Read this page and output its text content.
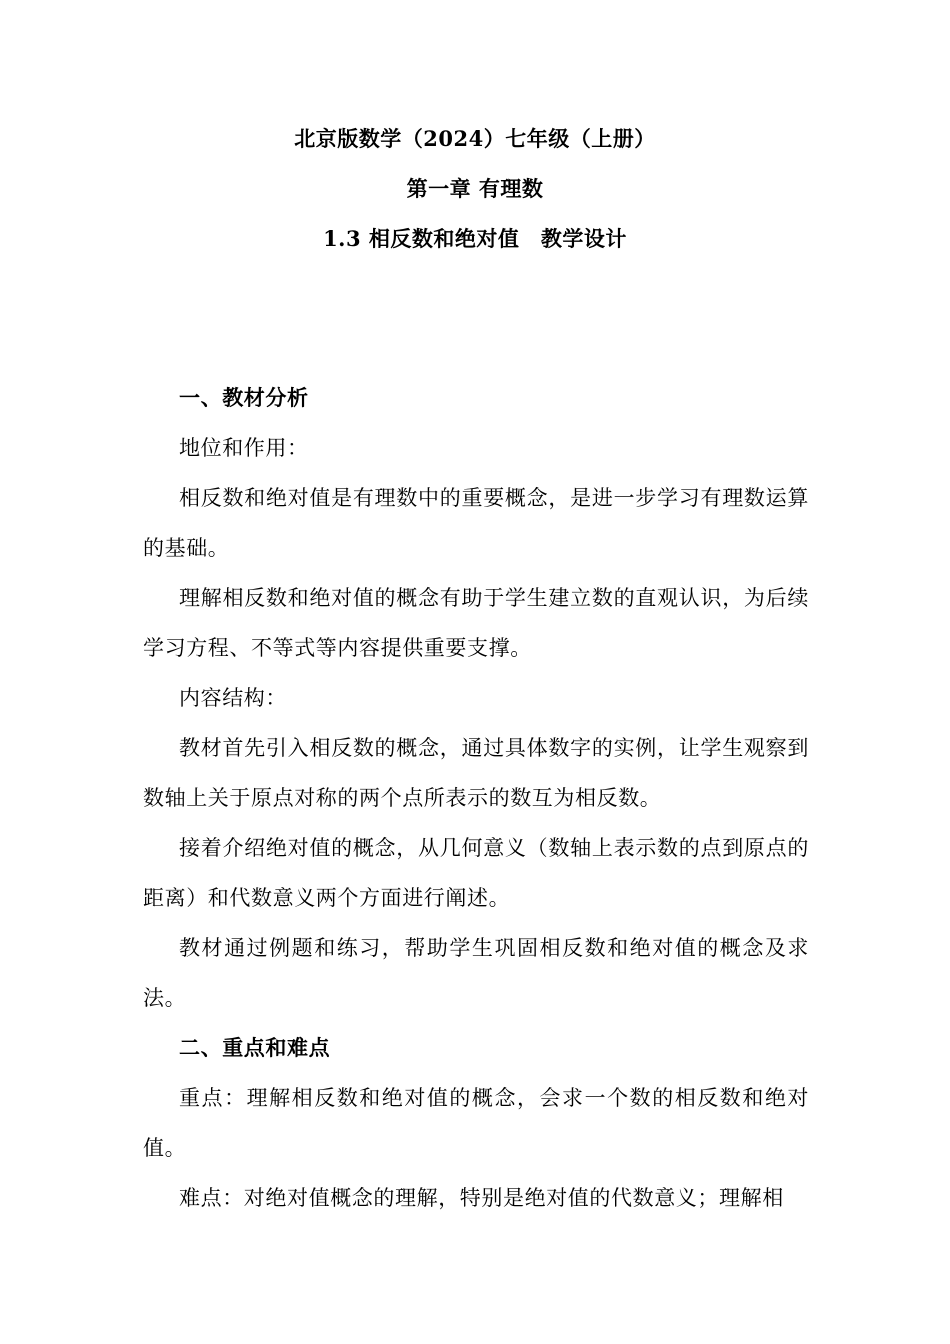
北京版数学（2024）七年级（上册）

第一章 有理数

1.3 相反数和绝对值　教学设计

一、教材分析

地位和作用：

相反数和绝对值是有理数中的重要概念，是进一步学习有理数运算的基础。

理解相反数和绝对值的概念有助于学生建立数的直观认识，为后续学习方程、不等式等内容提供重要支撑。

内容结构：

教材首先引入相反数的概念，通过具体数字的实例，让学生观察到数轴上关于原点对称的两个点所表示的数互为相反数。

接着介绍绝对值的概念，从几何意义（数轴上表示数的点到原点的距离）和代数意义两个方面进行阐述。

教材通过例题和练习，帮助学生巩固相反数和绝对值的概念及求法。

二、重点和难点

重点：理解相反数和绝对值的概念，会求一个数的相反数和绝对值。

难点：对绝对值概念的理解，特别是绝对值的代数意义；理解相
